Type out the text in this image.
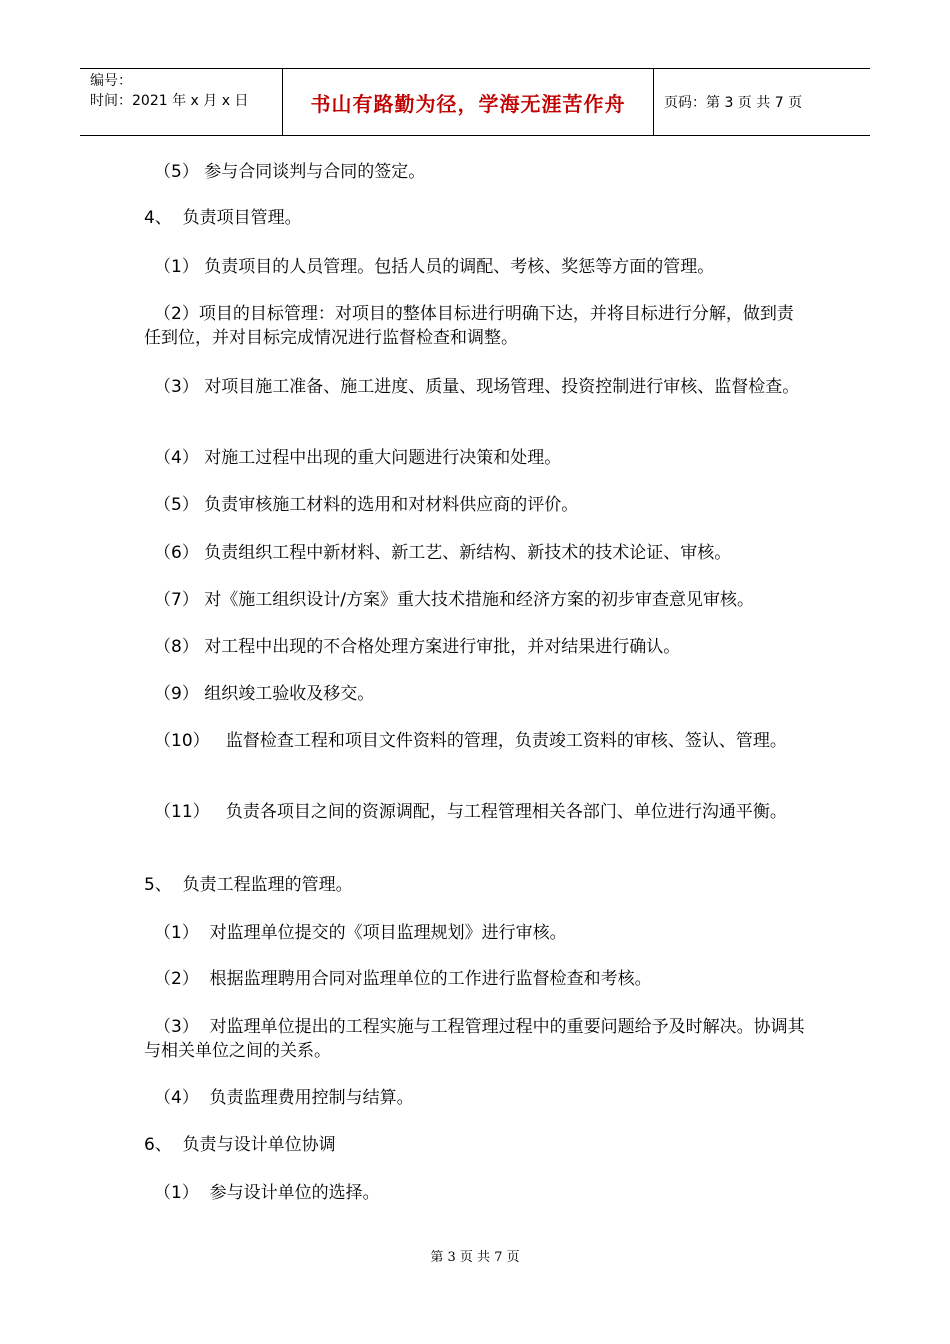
编号：
时间：2021 年 x 月 x 日	书山有路勤为径，学海无涯苦作舟	页码：第 3 页 共 7 页

（5） 参与合同谈判与合同的签定。

4、  负责项目管理。

（1） 负责项目的人员管理。包括人员的调配、考核、奖惩等方面的管理。

（2）项目的目标管理：对项目的整体目标进行明确下达，并将目标进行分解，做到责任到位，并对目标完成情况进行监督检查和调整。

（3） 对项目施工准备、施工进度、质量、现场管理、投资控制进行审核、监督检查。

（4） 对施工过程中出现的重大问题进行决策和处理。

（5） 负责审核施工材料的选用和对材料供应商的评价。

（6） 负责组织工程中新材料、新工艺、新结构、新技术的技术论证、审核。

（7） 对《施工组织设计/方案》重大技术措施和经济方案的初步审查意见审核。

（8） 对工程中出现的不合格处理方案进行审批，并对结果进行确认。

（9） 组织竣工验收及移交。

（10）   监督检查工程和项目文件资料的管理，负责竣工资料的审核、签认、管理。

（11）   负责各项目之间的资源调配，与工程管理相关各部门、单位进行沟通平衡。

5、  负责工程监理的管理。

（1）  对监理单位提交的《项目监理规划》进行审核。

（2）  根据监理聘用合同对监理单位的工作进行监督检查和考核。

（3）  对监理单位提出的工程实施与工程管理过程中的重要问题给予及时解决。协调其与相关单位之间的关系。

（4）  负责监理费用控制与结算。

6、  负责与设计单位协调

（1）  参与设计单位的选择。

第 3 页 共 7 页
